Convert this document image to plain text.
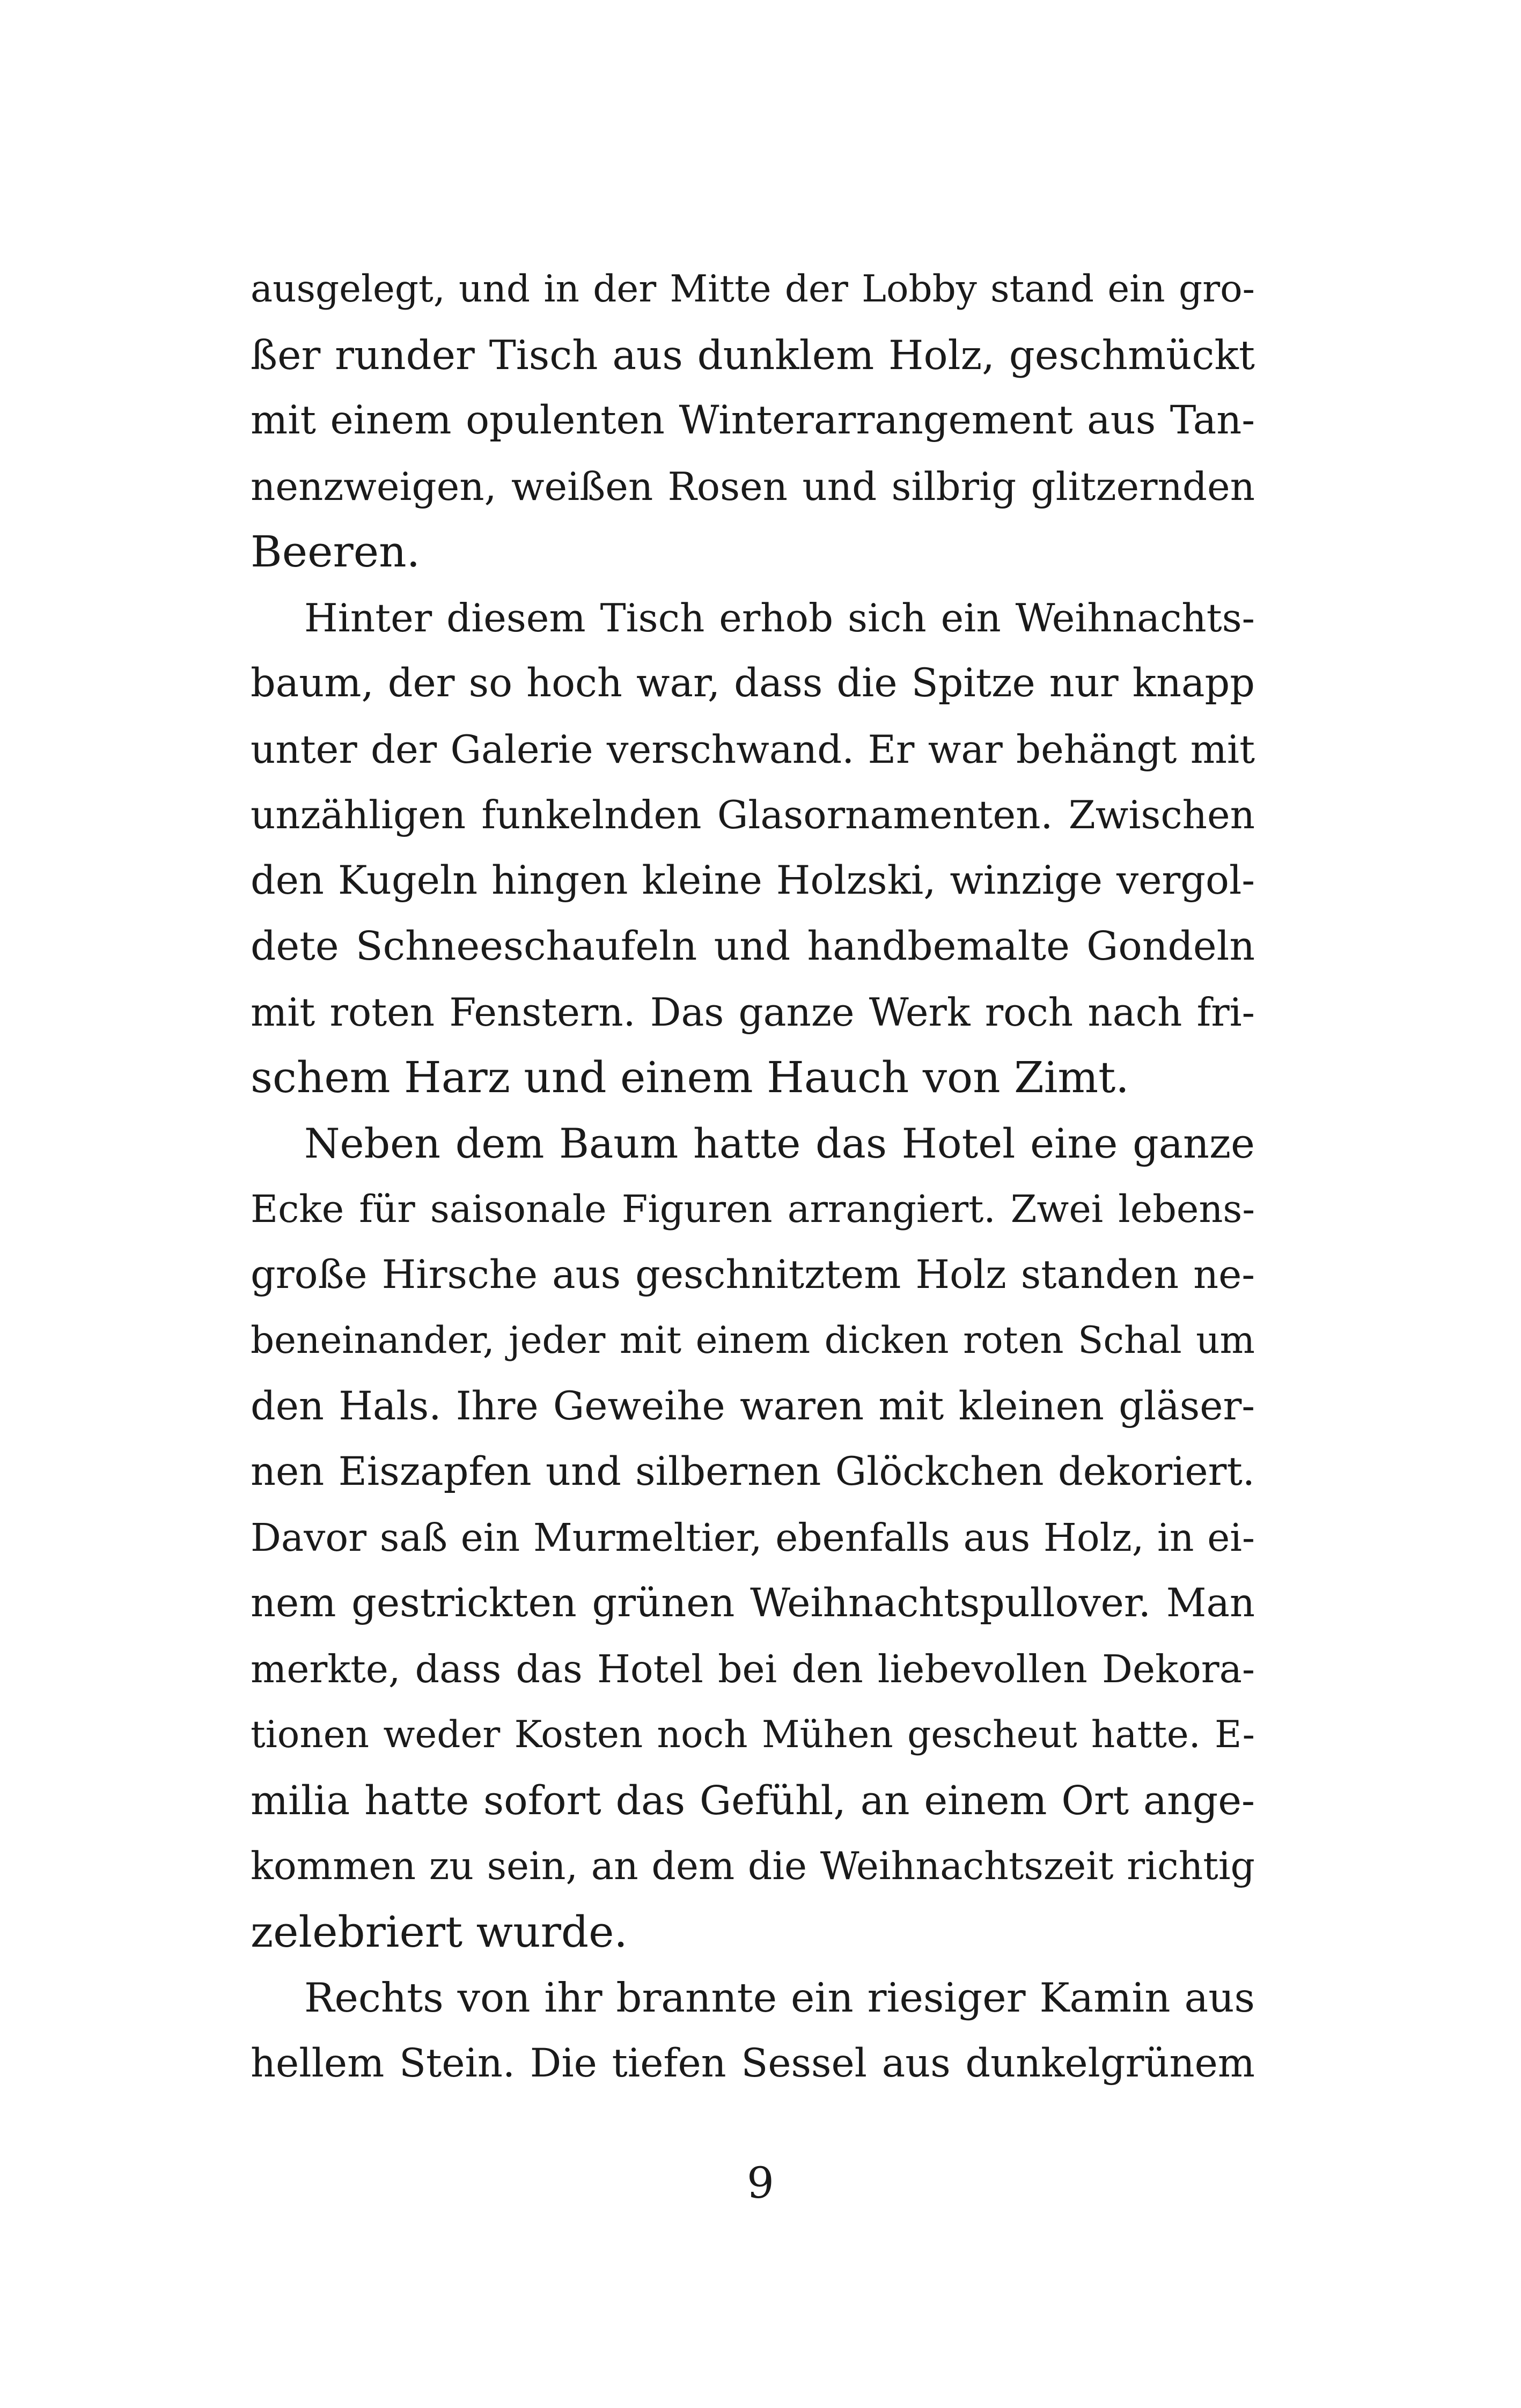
ausgelegt, und in der Mitte der Lobby stand ein gro-
ßer runder Tisch aus dunklem Holz, geschmückt
mit einem opulenten Winterarrangement aus Tan-
nenzweigen, weißen Rosen und silbrig glitzernden
Beeren.
Hinter diesem Tisch erhob sich ein Weihnachts-
baum, der so hoch war, dass die Spitze nur knapp
unter der Galerie verschwand. Er war behängt mit
unzähligen funkelnden Glasornamenten. Zwischen
den Kugeln hingen kleine Holzski, winzige vergol-
dete Schneeschaufeln und handbemalte Gondeln
mit roten Fenstern. Das ganze Werk roch nach fri-
schem Harz und einem Hauch von Zimt.
Neben dem Baum hatte das Hotel eine ganze
Ecke für saisonale Figuren arrangiert. Zwei lebens-
große Hirsche aus geschnitztem Holz standen ne-
beneinander, jeder mit einem dicken roten Schal um
den Hals. Ihre Geweihe waren mit kleinen gläser-
nen Eiszapfen und silbernen Glöckchen dekoriert.
Davor saß ein Murmeltier, ebenfalls aus Holz, in ei-
nem gestrickten grünen Weihnachtspullover. Man
merkte, dass das Hotel bei den liebevollen Dekora-
tionen weder Kosten noch Mühen gescheut hatte. E-
milia hatte sofort das Gefühl, an einem Ort ange-
kommen zu sein, an dem die Weihnachtszeit richtig
zelebriert wurde.
Rechts von ihr brannte ein riesiger Kamin aus
hellem Stein. Die tiefen Sessel aus dunkelgrünem
9
